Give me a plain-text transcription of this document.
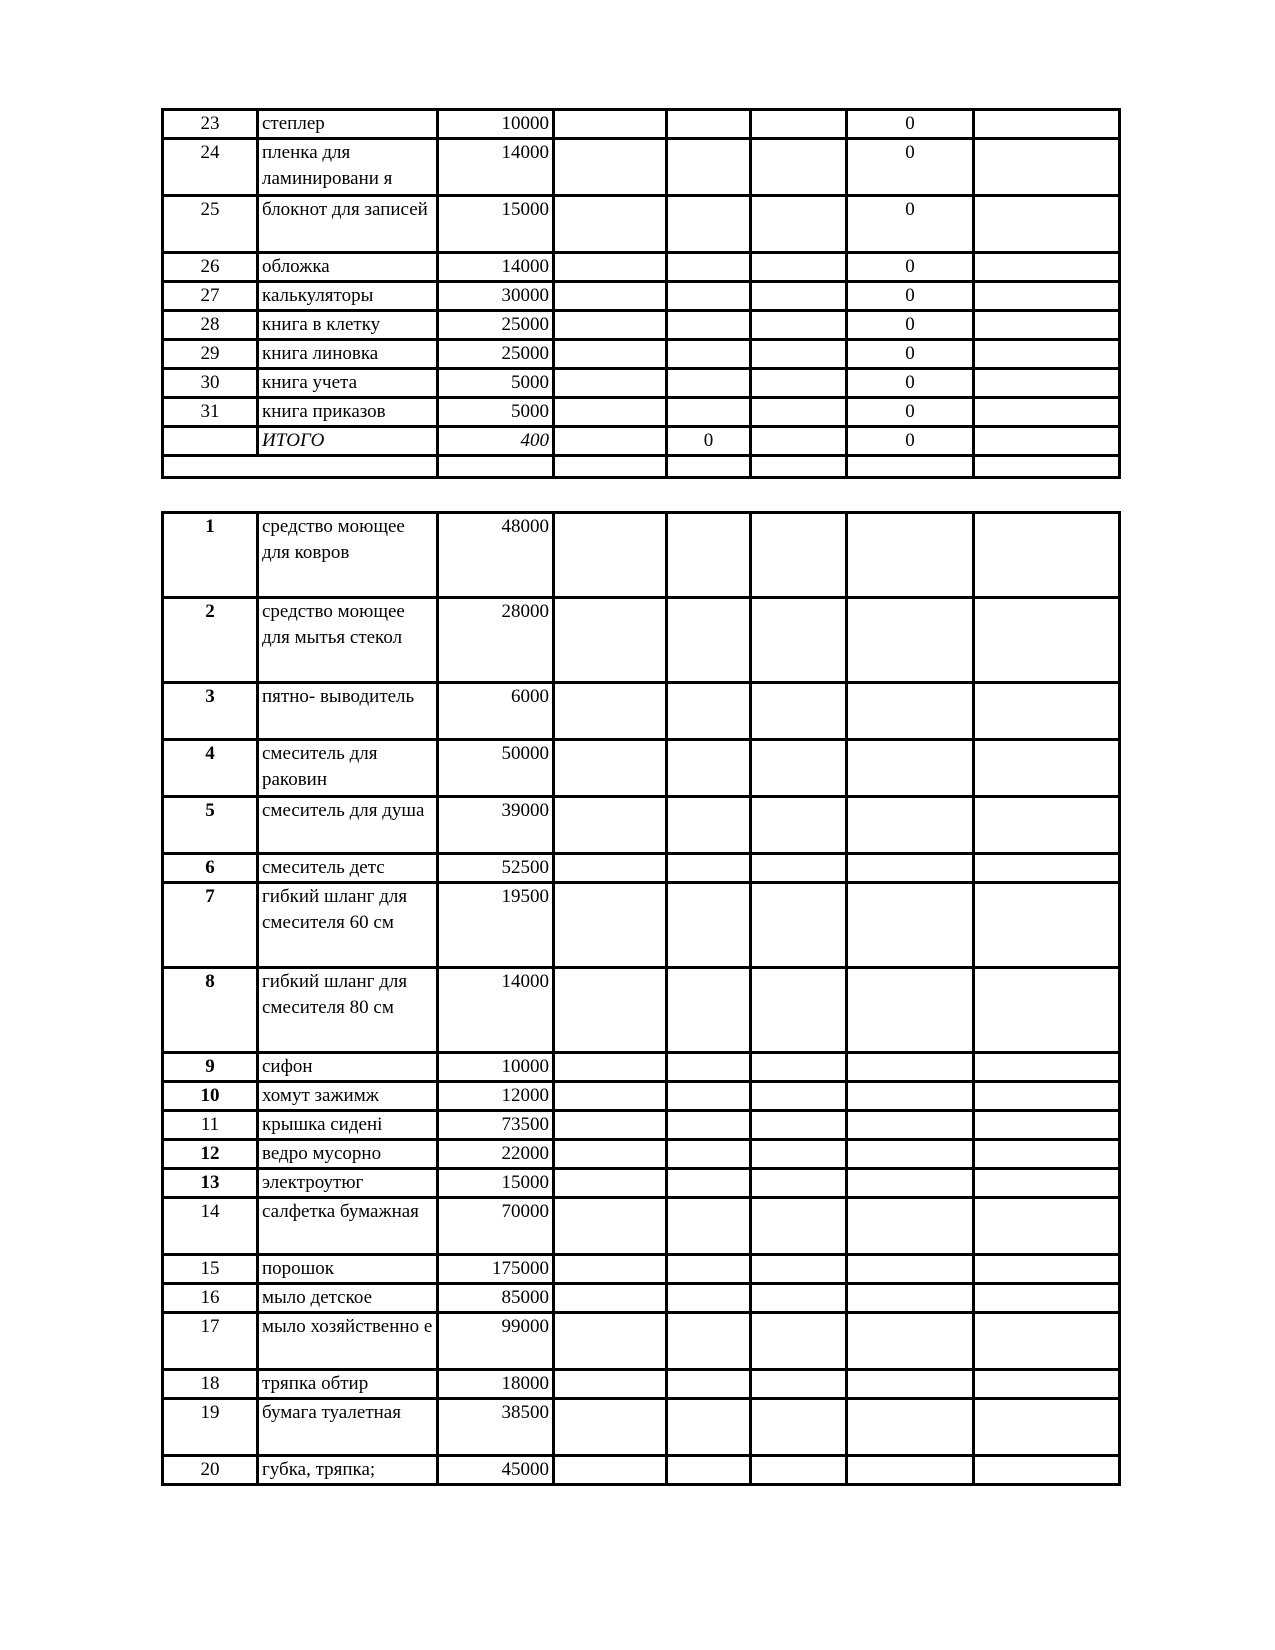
23	степлер	10000				0	
24	пленка для ламинировани я	14000				0	
25	блокнот для записей	15000				0	
26	обложка	14000				0	
27	калькуляторы	30000				0	
28	книга в клетку	25000				0	
29	книга линовка	25000				0	
30	книга учета	5000				0	
31	книга приказов	5000				0	
	ИТОГО	400		0		0	

1	средство моющее для ковров	48000					
2	средство моющее для мытья стекол	28000					
3	пятно- выводитель	6000					
4	смеситель для раковин	50000					
5	смеситель для душа	39000					
6	смеситель детс	52500					
7	гибкий шланг для смесителя 60 см	19500					
8	гибкий шланг для смесителя 80 см	14000					
9	сифон	10000					
10	хомут зажимж	12000					
11	крышка сидені	73500					
12	ведро мусорно	22000					
13	электроутюг	15000					
14	салфетка бумажная	70000					
15	порошок	175000					
16	мыло детское	85000					
17	мыло хозяйственно е	99000					
18	тряпка обтир	18000					
19	бумага туалетная	38500					
20	губка, тряпка;	45000					
